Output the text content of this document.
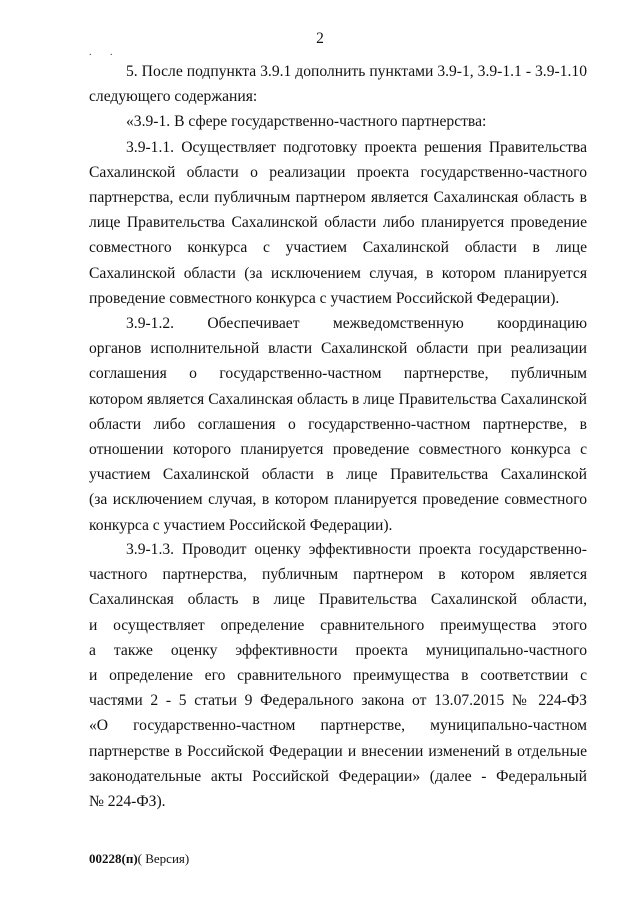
. .
2
5. После подпункта 3.9.1 дополнить пунктами 3.9-1, 3.9-1.1 - 3.9-1.10
следующего содержания:
«3.9-1. В сфере государственно-частного партнерства:
3.9-1.1. Осуществляет подготовку проекта решения Правительства
Сахалинской области о реализации проекта государственно-частного
партнерства, если публичным партнером является Сахалинская область в
лице Правительства Сахалинской области либо планируется проведение
совместного конкурса с участием Сахалинской области в лице
Сахалинской области (за исключением случая, в котором планируется
проведение совместного конкурса с участием Российской Федерации).
3.9-1.2. Обеспечивает межведомственную координацию
органов исполнительной власти Сахалинской области при реализации
соглашения о государственно-частном партнерстве, публичным
котором является Сахалинская область в лице Правительства Сахалинской
области либо соглашения о государственно-частном партнерстве, в
отношении которого планируется проведение совместного конкурса с
участием Сахалинской области в лице Правительства Сахалинской
(за исключением случая, в котором планируется проведение совместного
конкурса с участием Российской Федерации).
3.9-1.3. Проводит оценку эффективности проекта государственно-
частного партнерства, публичным партнером в котором является
Сахалинская область в лице Правительства Сахалинской области,
и осуществляет определение сравнительного преимущества этого
а также оценку эффективности проекта муниципально-частного
и определение его сравнительного преимущества в соответствии с
частями 2 - 5 статьи 9 Федерального закона от 13.07.2015 № 224-ФЗ
«О государственно-частном партнерстве, муниципально-частном
партнерстве в Российской Федерации и внесении изменений в отдельные
законодательные акты Российской Федерации» (далее - Федеральный
№ 224-ФЗ).
00228(п)( Версия)
